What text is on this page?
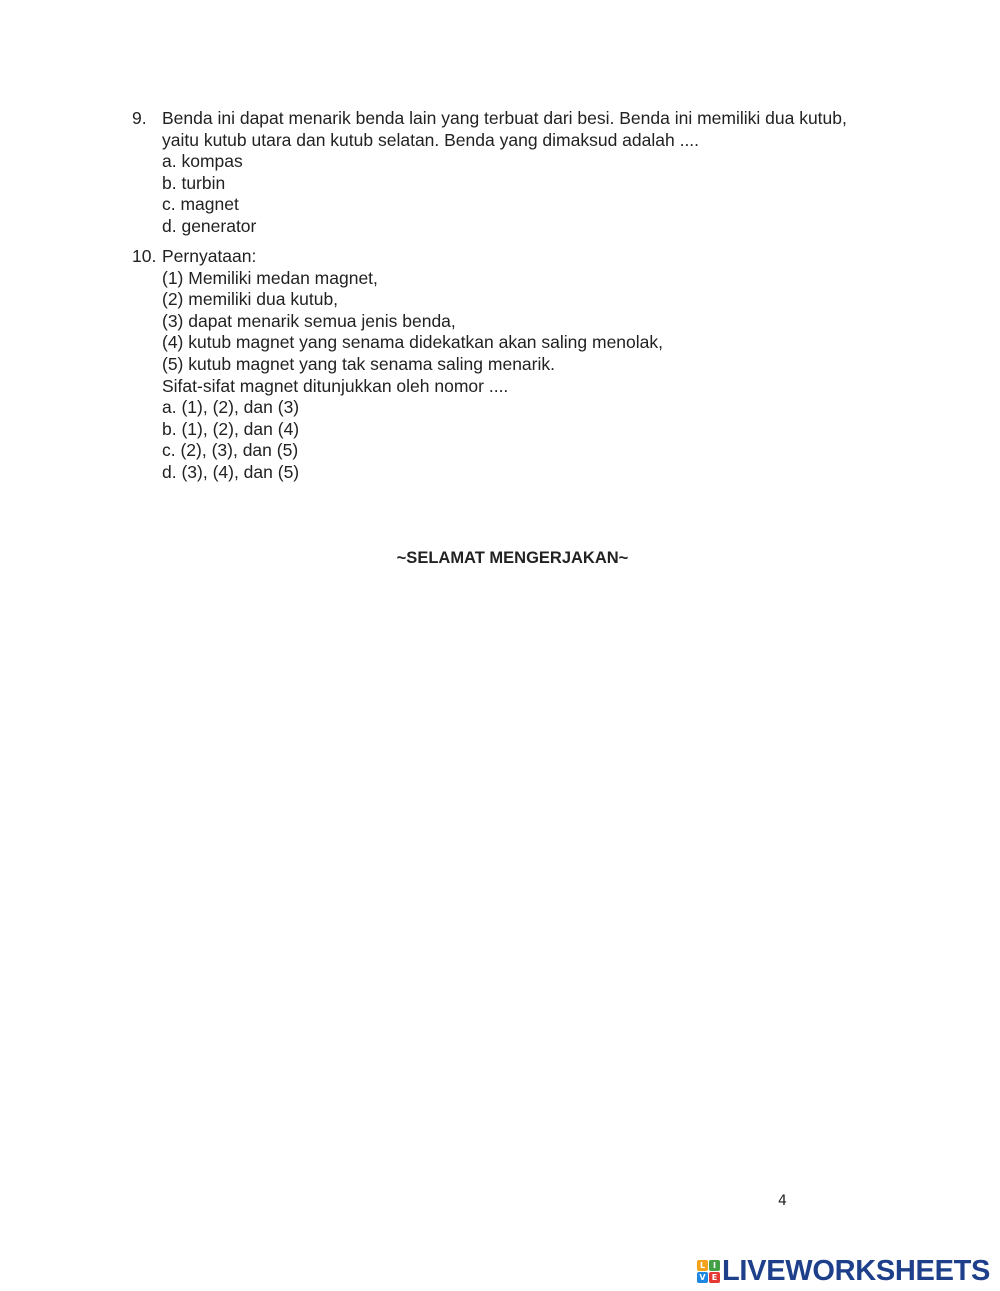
9. Benda ini dapat menarik benda lain yang terbuat dari besi. Benda ini memiliki dua kutub,
yaitu kutub utara dan kutub selatan. Benda yang dimaksud adalah ....
a. kompas
b. turbin
c. magnet
d. generator
10. Pernyataan:
(1) Memiliki medan magnet,
(2) memiliki dua kutub,
(3) dapat menarik semua jenis benda,
(4) kutub magnet yang senama didekatkan akan saling menolak,
(5) kutub magnet yang tak senama saling menarik.
Sifat-sifat magnet ditunjukkan oleh nomor ....
a. (1), (2), dan (3)
b. (1), (2), dan (4)
c. (2), (3), dan (5)
d. (3), (4), dan (5)
~SELAMAT MENGERJAKAN~
4
L I
V E LIVEWORKSHEETS
